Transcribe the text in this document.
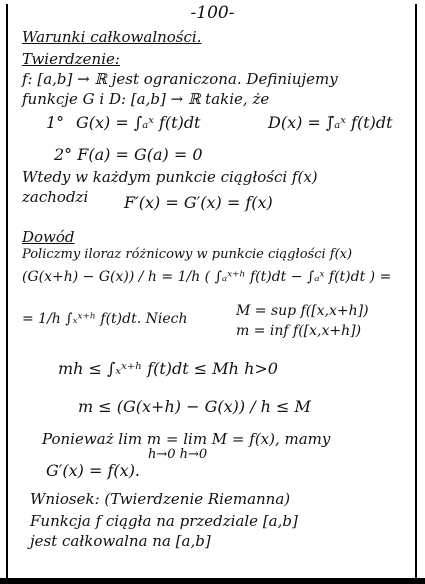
-100-
Warunki całkowalności.
Twierdzenie:
f: [a,b] → ℝ jest ograniczona. Definiujemy
funkcje G i D: [a,b] → ℝ takie, że
1° G(x) = ∫ₐˣ f(t)dt	D(x) = ∫̄ₐˣ f(t)dt
2° F(a) = G(a) = 0
Wtedy w każdym punkcie ciągłości f(x)
zachodzi F′(x) = G′(x) = f(x)
Dowód
Policzmy iloraz różnicowy w punkcie ciągłości f(x)
(G(x+h) − G(x)) / h = 1/h ( ∫ₐˣ⁺ʰ f(t)dt − ∫ₐˣ f(t)dt ) =
= 1/h ∫ₓˣ⁺ʰ f(t)dt. Niech	M = sup f([x,x+h])
m = inf f([x,x+h])
mh ≤ ∫ₓˣ⁺ʰ f(t)dt ≤ Mh h>0
m ≤ (G(x+h) − G(x)) / h ≤ M
Ponieważ lim m = lim M = f(x), mamy
h→0 h→0
G′(x) = f(x).
Wniosek: (Twierdzenie Riemanna)
Funkcja f ciągła na przedziale [a,b]
jest całkowalna na [a,b]
